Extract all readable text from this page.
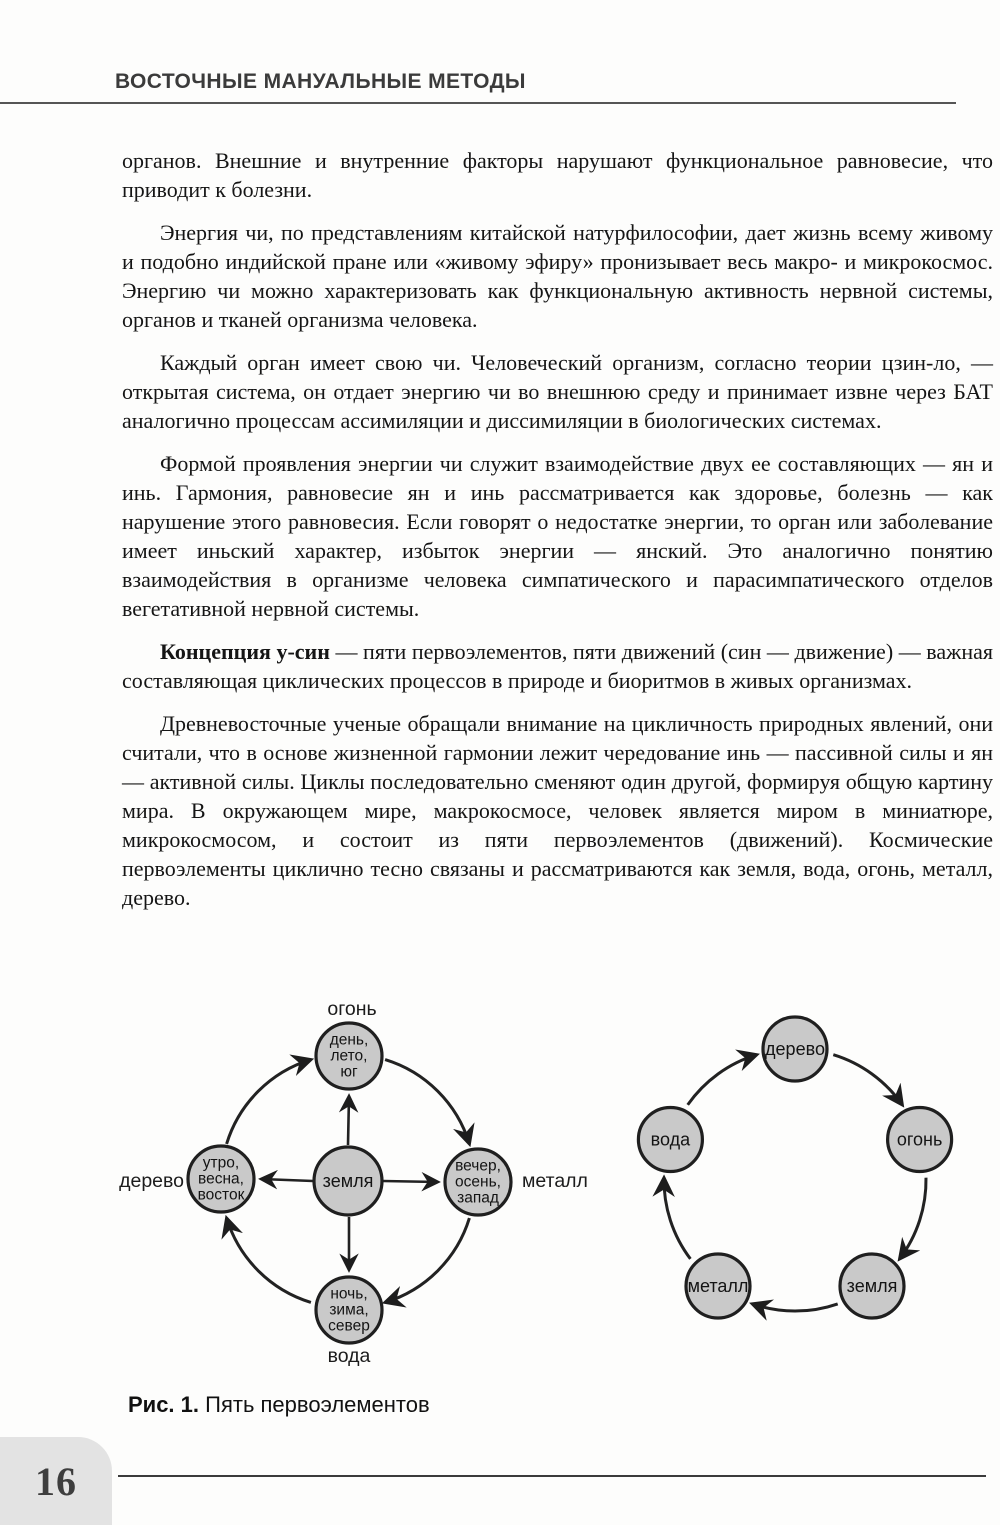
ВОСТОЧНЫЕ МАНУАЛЬНЫЕ МЕТОДЫ

органов. Внешние и внутренние факторы нарушают функциональное равновесие, что приводит к болезни.

Энергия чи, по представлениям китайской натурфилософии, дает жизнь всему живому и подобно индийской пране или «живому эфиру» пронизывает весь макро- и микрокосмос. Энергию чи можно характеризовать как функциональную активность нервной системы, органов и тканей организма человека.

Каждый орган имеет свою чи. Человеческий организм, согласно теории цзин-ло, — открытая система, он отдает энергию чи во внешнюю среду и принимает извне через БАТ аналогично процессам ассимиляции и диссимиляции в биологических системах.

Формой проявления энергии чи служит взаимодействие двух ее составляющих — ян и инь. Гармония, равновесие ян и инь рассматривается как здоровье, болезнь — как нарушение этого равновесия. Если говорят о недостатке энергии, то орган или заболевание имеет иньский характер, избыток энергии — янский. Это аналогично понятию взаимодействия в организме человека симпатического и парасимпатического отделов вегетативной нервной системы.

Концепция у-син — пяти первоэлементов, пяти движений (син — движение) — важная составляющая циклических процессов в природе и биоритмов в живых организмах.

Древневосточные ученые обращали внимание на цикличность природных явлений, они считали, что в основе жизненной гармонии лежит чередование инь — пассивной силы и ян — активной силы. Циклы последовательно сменяют один другой, формируя общую картину мира. В окружающем мире, макрокосмосе, человек является миром в миниатюре, микрокосмосом, и состоит из пяти первоэлементов (движений). Космические первоэлементы циклично тесно связаны и рассматриваются как земля, вода, огонь, металл, дерево.

день,
лето,
юг
утро,
весна,
восток
земля
вечер,
осень,
запад
ночь,
зима,
север
огонь
дерево	металл
вода
дерево
огонь
земля
металл
вода
Рис. 1. Пять первоэлементов
16
